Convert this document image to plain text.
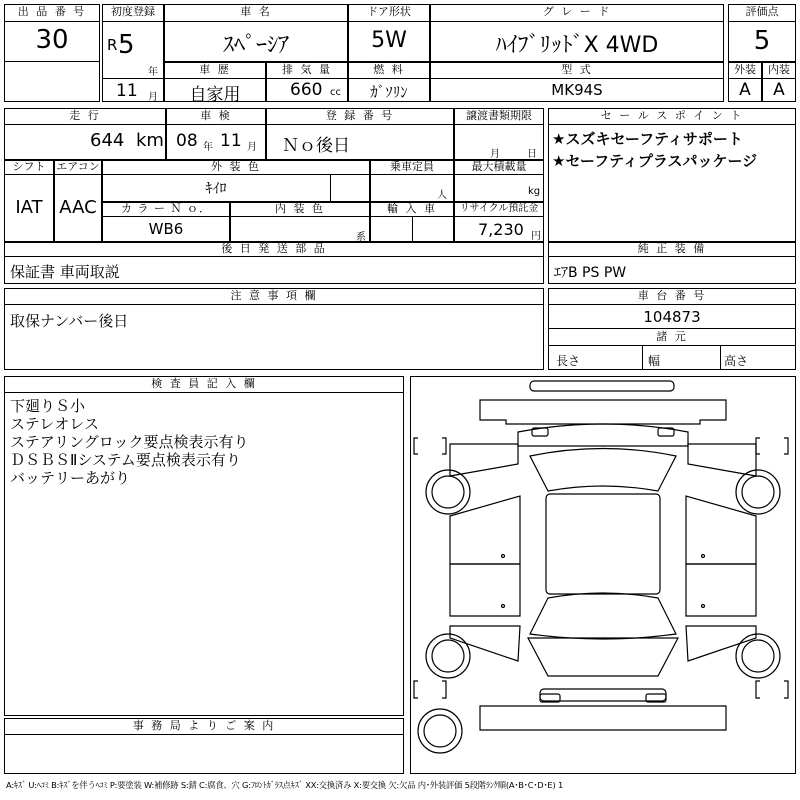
出 品 番 号
30
初度登録
R 5
年
11 月
車 名
ｽﾍﾟｰｼｱ
ドア形状
5W
グ レ ー ド
ﾊｲﾌﾞﾘｯﾄﾞX 4WD
評価点
5
車 歴
自家用
排 気 量
660 cc
燃 料
ｶﾞｿﾘﾝ
型 式
MK94S
外装
A
内装
A
走 行
644 km
車 検
08 年 11 月
登 録 番 号
Ｎｏ後日
譲渡書類期限
月	日
セ ー ル ス ポ イ ン ト
★スズキセーフティサポート
★セーフティプラスパッケージ
シフト
IAT
エアコン
AAC
外 装 色
ｷｲﾛ
乗車定員
人
最大積載量
kg
カ ラ ー Ｎ ｏ．
WB6
内 装 色
系
輸 入 車	リサイクル預託金
7,230 円
後 日 発 送 部 品
保証書 車両取説
純 正 装 備
ｴｱB PS PW
注 意 事 項 欄
取保ナンバー後日
車 台 番 号
104873
諸 元
長さ	幅	高さ
検 査 員 記 入 欄
下廻りＳ小
ステレオレス
ステアリングロック要点検表示有り
ＤＳＢＳⅡシステム要点検表示有り
バッテリーあがり
事 務 局 よ り ご 案 内
A:ｷｽﾞ U:ﾍｺﾐ B:ｷｽﾞを伴うﾍｺﾐ P:要塗装 W:補修跡 S:錆 C:腐食、穴 G:ﾌﾛﾝﾄｶﾞﾗｽ点ｷｽﾞ XX:交換済み X:要交換 欠:欠品 内･外装評価 5段階ﾗﾝｸ順(A･B･C･D･E) 1
